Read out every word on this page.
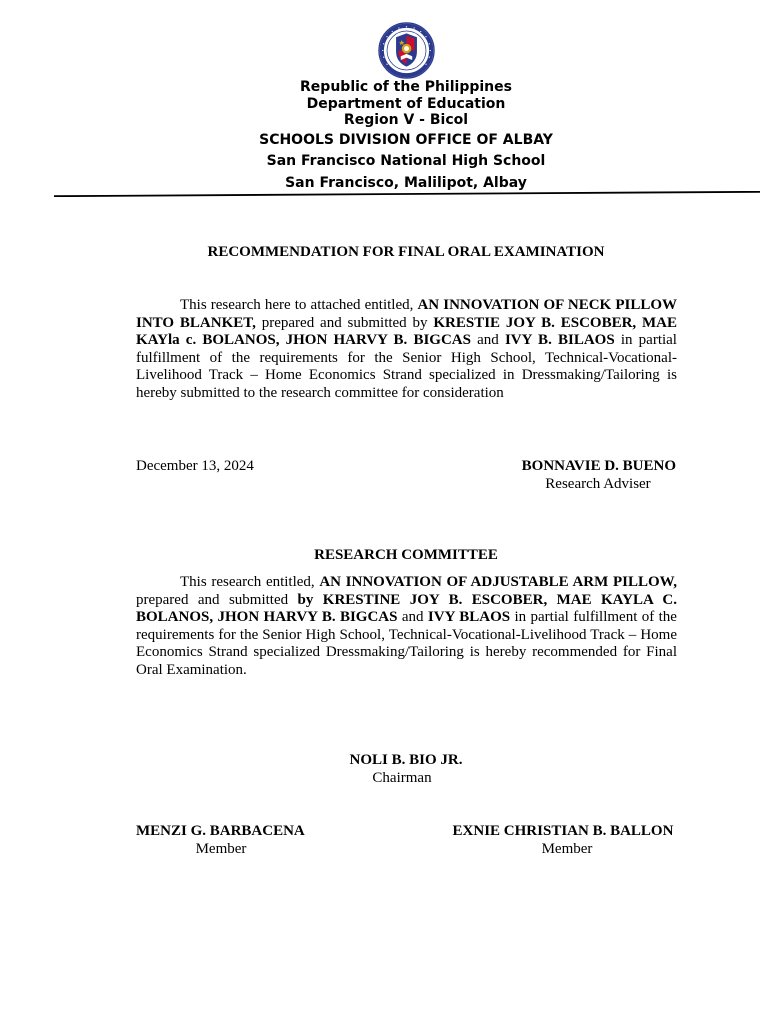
Republic of the Philippines
Department of Education
Region V - Bicol
SCHOOLS DIVISION OFFICE OF ALBAY
San Francisco National High School
San Francisco, Malilipot, Albay
RECOMMENDATION FOR FINAL ORAL EXAMINATION

This research here to attached entitled, AN INNOVATION OF NECK PILLOW INTO BLANKET, prepared and submitted by KRESTIE JOY B. ESCOBER, MAE KAYla c. BOLANOS, JHON HARVY B. BIGCAS and IVY B. BILAOS in partial fulfillment of the requirements for the Senior High School, Technical-Vocational-Livelihood Track – Home Economics Strand specialized in Dressmaking/Tailoring is hereby submitted to the research committee for consideration

December 13, 2024	BONNAVIE D. BUENO
Research Adviser
RESEARCH COMMITTEE

This research entitled, AN INNOVATION OF ADJUSTABLE ARM PILLOW, prepared and submitted by KRESTINE JOY B. ESCOBER, MAE KAYLA C. BOLANOS, JHON HARVY B. BIGCAS and IVY BLAOS in partial fulfillment of the requirements for the Senior High School, Technical-Vocational-Livelihood Track – Home Economics Strand specialized Dressmaking/Tailoring is hereby recommended for Final Oral Examination.

NOLI B. BIO JR.
Chairman
MENZI G. BARBACENA
Member
EXNIE CHRISTIAN B. BALLON
Member
